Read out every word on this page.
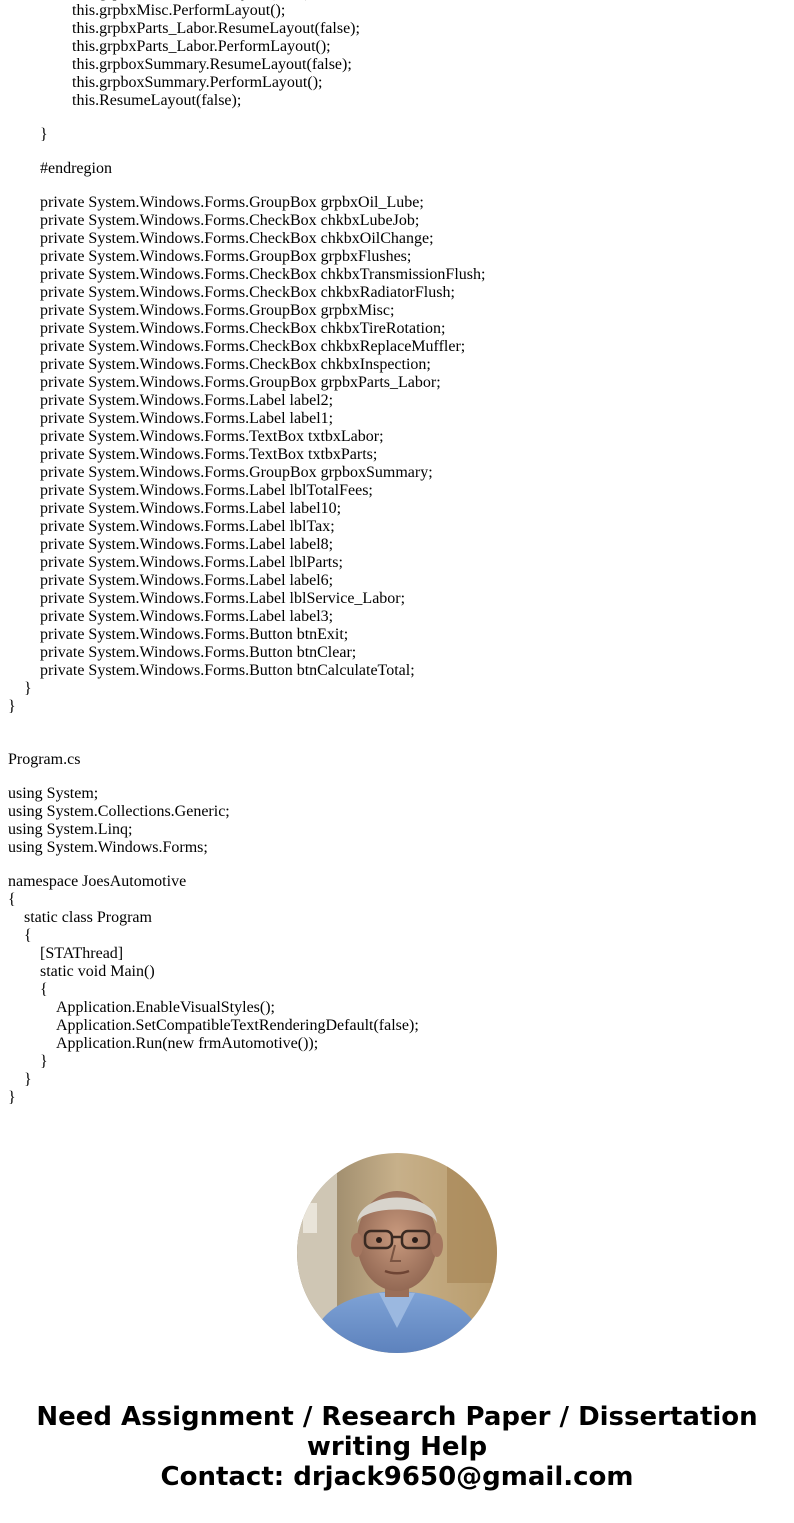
this.grpbxMisc.PerformLayout();
this.grpbxParts_Labor.ResumeLayout(false);
this.grpbxParts_Labor.PerformLayout();
this.grpboxSummary.ResumeLayout(false);
this.grpboxSummary.PerformLayout();
this.ResumeLayout(false);
}
#endregion
private System.Windows.Forms.GroupBox grpbxOil_Lube;
private System.Windows.Forms.CheckBox chkbxLubeJob;
private System.Windows.Forms.CheckBox chkbxOilChange;
private System.Windows.Forms.GroupBox grpbxFlushes;
private System.Windows.Forms.CheckBox chkbxTransmissionFlush;
private System.Windows.Forms.CheckBox chkbxRadiatorFlush;
private System.Windows.Forms.GroupBox grpbxMisc;
private System.Windows.Forms.CheckBox chkbxTireRotation;
private System.Windows.Forms.CheckBox chkbxReplaceMuffler;
private System.Windows.Forms.CheckBox chkbxInspection;
private System.Windows.Forms.GroupBox grpbxParts_Labor;
private System.Windows.Forms.Label label2;
private System.Windows.Forms.Label label1;
private System.Windows.Forms.TextBox txtbxLabor;
private System.Windows.Forms.TextBox txtbxParts;
private System.Windows.Forms.GroupBox grpboxSummary;
private System.Windows.Forms.Label lblTotalFees;
private System.Windows.Forms.Label label10;
private System.Windows.Forms.Label lblTax;
private System.Windows.Forms.Label label8;
private System.Windows.Forms.Label lblParts;
private System.Windows.Forms.Label label6;
private System.Windows.Forms.Label lblService_Labor;
private System.Windows.Forms.Label label3;
private System.Windows.Forms.Button btnExit;
private System.Windows.Forms.Button btnClear;
private System.Windows.Forms.Button btnCalculateTotal;
}
}
Program.cs
using System;
using System.Collections.Generic;
using System.Linq;
using System.Windows.Forms;
namespace JoesAutomotive
{
static class Program
{
[STAThread]
static void Main()
{
Application.EnableVisualStyles();
Application.SetCompatibleTextRenderingDefault(false);
Application.Run(new frmAutomotive());
}
}
}
Need Assignment / Research Paper / Dissertation
writing Help
Contact: drjack9650@gmail.com
